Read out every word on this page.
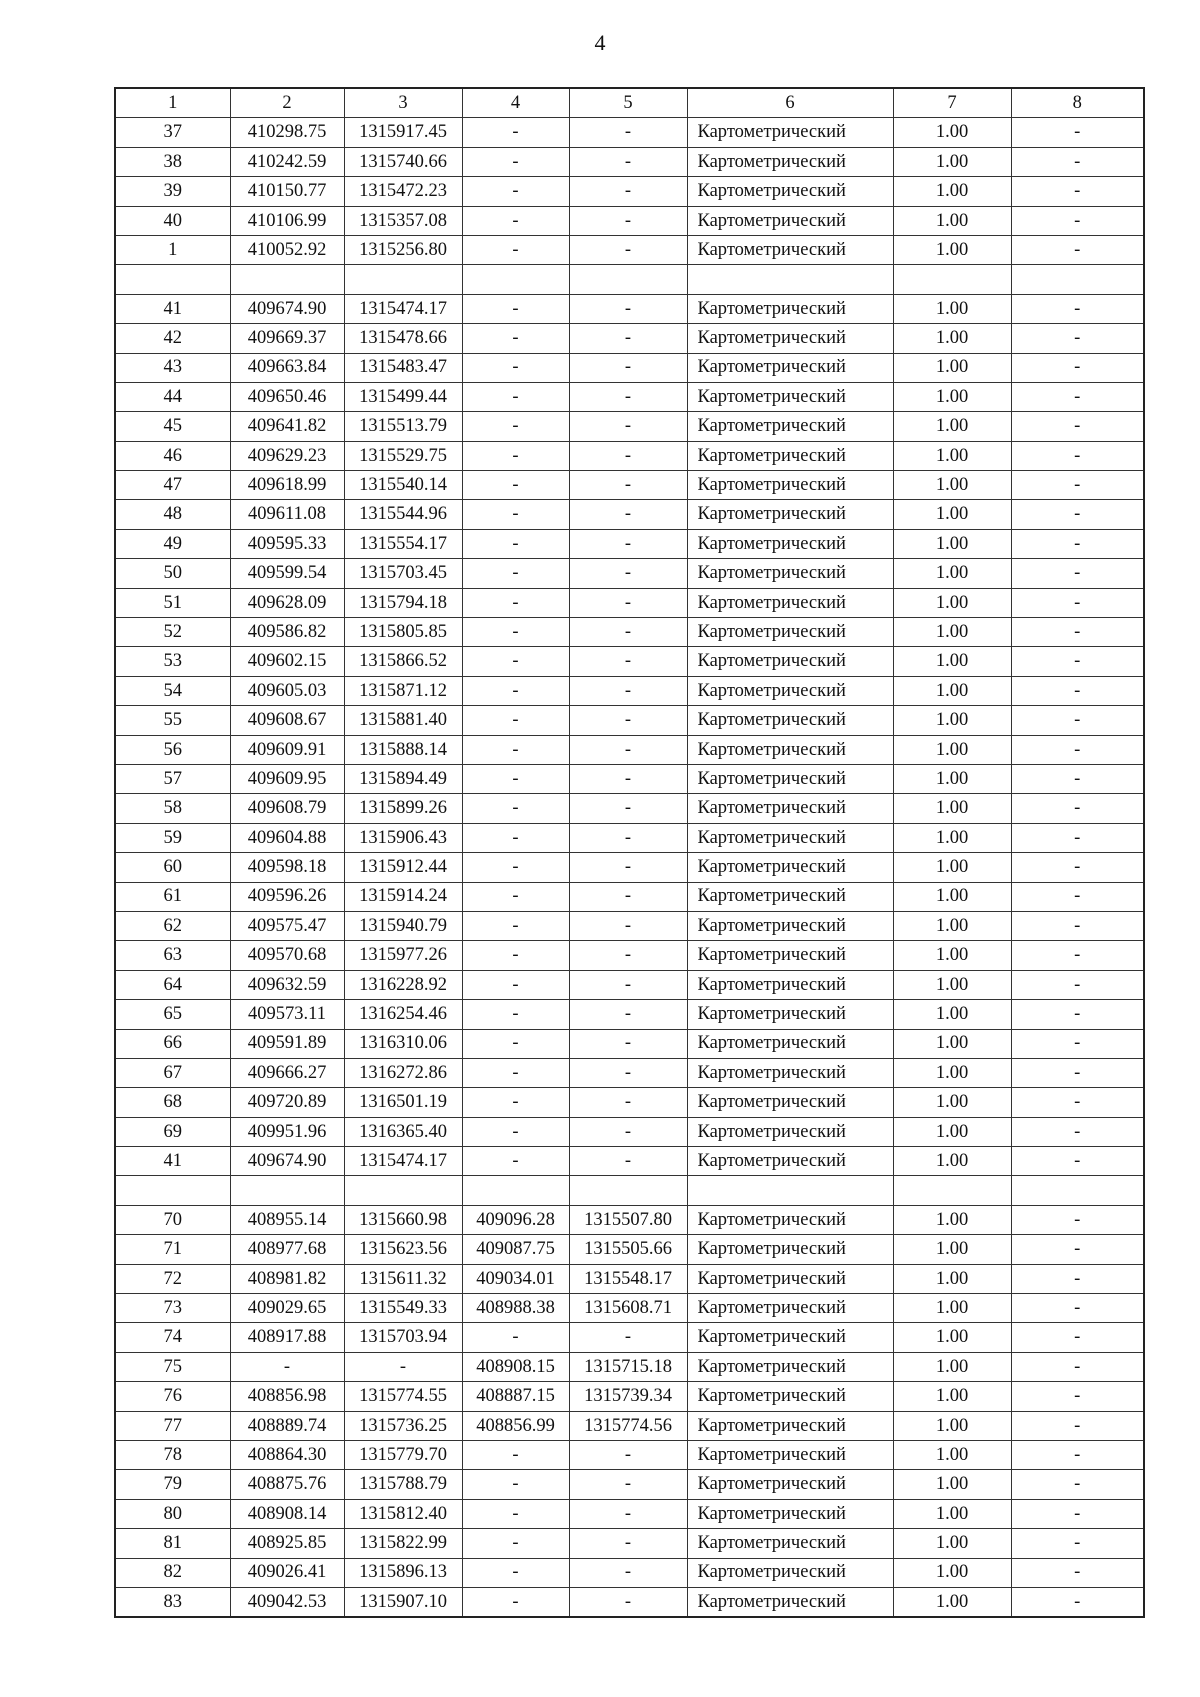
4
1	2	3	4	5	6	7	8
37	410298.75	1315917.45	-	-	Картометрический	1.00	-
38	410242.59	1315740.66	-	-	Картометрический	1.00	-
39	410150.77	1315472.23	-	-	Картометрический	1.00	-
40	410106.99	1315357.08	-	-	Картометрический	1.00	-
1	410052.92	1315256.80	-	-	Картометрический	1.00	-

41	409674.90	1315474.17	-	-	Картометрический	1.00	-
42	409669.37	1315478.66	-	-	Картометрический	1.00	-
43	409663.84	1315483.47	-	-	Картометрический	1.00	-
44	409650.46	1315499.44	-	-	Картометрический	1.00	-
45	409641.82	1315513.79	-	-	Картометрический	1.00	-
46	409629.23	1315529.75	-	-	Картометрический	1.00	-
47	409618.99	1315540.14	-	-	Картометрический	1.00	-
48	409611.08	1315544.96	-	-	Картометрический	1.00	-
49	409595.33	1315554.17	-	-	Картометрический	1.00	-
50	409599.54	1315703.45	-	-	Картометрический	1.00	-
51	409628.09	1315794.18	-	-	Картометрический	1.00	-
52	409586.82	1315805.85	-	-	Картометрический	1.00	-
53	409602.15	1315866.52	-	-	Картометрический	1.00	-
54	409605.03	1315871.12	-	-	Картометрический	1.00	-
55	409608.67	1315881.40	-	-	Картометрический	1.00	-
56	409609.91	1315888.14	-	-	Картометрический	1.00	-
57	409609.95	1315894.49	-	-	Картометрический	1.00	-
58	409608.79	1315899.26	-	-	Картометрический	1.00	-
59	409604.88	1315906.43	-	-	Картометрический	1.00	-
60	409598.18	1315912.44	-	-	Картометрический	1.00	-
61	409596.26	1315914.24	-	-	Картометрический	1.00	-
62	409575.47	1315940.79	-	-	Картометрический	1.00	-
63	409570.68	1315977.26	-	-	Картометрический	1.00	-
64	409632.59	1316228.92	-	-	Картометрический	1.00	-
65	409573.11	1316254.46	-	-	Картометрический	1.00	-
66	409591.89	1316310.06	-	-	Картометрический	1.00	-
67	409666.27	1316272.86	-	-	Картометрический	1.00	-
68	409720.89	1316501.19	-	-	Картометрический	1.00	-
69	409951.96	1316365.40	-	-	Картометрический	1.00	-
41	409674.90	1315474.17	-	-	Картометрический	1.00	-

70	408955.14	1315660.98	409096.28	1315507.80	Картометрический	1.00	-
71	408977.68	1315623.56	409087.75	1315505.66	Картометрический	1.00	-
72	408981.82	1315611.32	409034.01	1315548.17	Картометрический	1.00	-
73	409029.65	1315549.33	408988.38	1315608.71	Картометрический	1.00	-
74	408917.88	1315703.94	-	-	Картометрический	1.00	-
75	-	-	408908.15	1315715.18	Картометрический	1.00	-
76	408856.98	1315774.55	408887.15	1315739.34	Картометрический	1.00	-
77	408889.74	1315736.25	408856.99	1315774.56	Картометрический	1.00	-
78	408864.30	1315779.70	-	-	Картометрический	1.00	-
79	408875.76	1315788.79	-	-	Картометрический	1.00	-
80	408908.14	1315812.40	-	-	Картометрический	1.00	-
81	408925.85	1315822.99	-	-	Картометрический	1.00	-
82	409026.41	1315896.13	-	-	Картометрический	1.00	-
83	409042.53	1315907.10	-	-	Картометрический	1.00	-
